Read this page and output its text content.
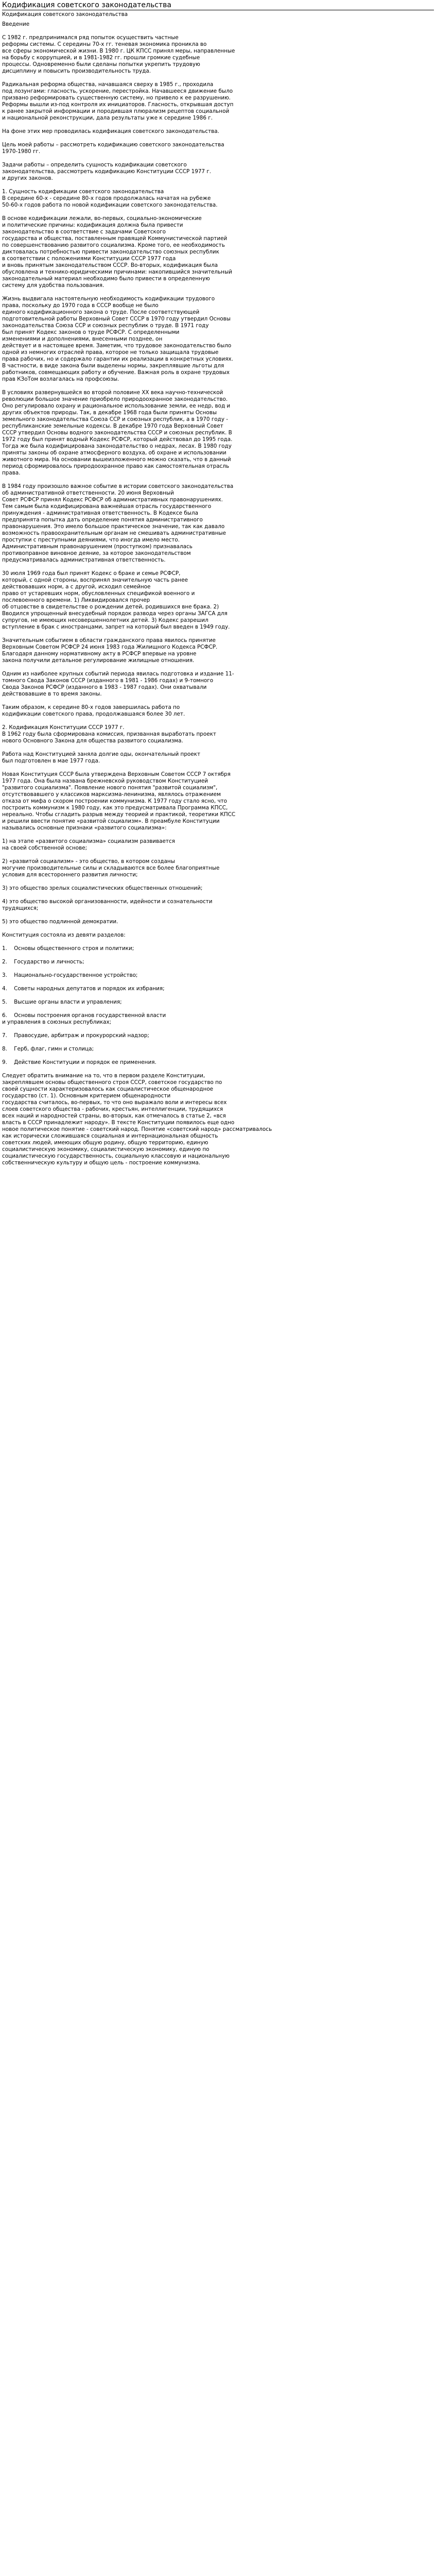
Кодификация советского законодательства
Кодификация советского законодательства

Введение

С 1982 г. предпринимался ряд попыток осуществить частные
реформы системы. С середины 70-х гг. теневая экономика проникла во
все сферы экономической жизни. В 1980 г. ЦК КПСС принял меры, направленные
на борьбу с коррупцией, и в 1981-1982 гг. прошли громкие судебные
процессы. Одновременно были сделаны попытки укрепить трудовую
дисциплину и повысить производительность труда.

Радикальная реформа общества, начавшаяся сверху в 1985 г., проходила
под лозунгами: гласность, ускорение, перестройка. Начавшееся движение было
призвано реформировать существенную систему, но привело к ее разрушению.
Реформы вышли из-под контроля их инициаторов. Гласность, открывшая доступ
к ранее закрытой информации и породившая плюрализм рецептов социальной
и национальной реконструкции, дала результаты уже к середине 1986 г.

На фоне этих мер проводилась кодификация советского законодательства.

Цель моей работы – рассмотреть кодификацию советского законодательства
1970-1980 гг.

Задачи работы – определить сущность кодификации советского
законодательства, рассмотреть кодификацию Конституции СССР 1977 г.
и других законов.

1. Сущность кодификации советского законодательства
В середине 60-х - середине 80-х годов продолжалась начатая на рубеже
50-60-х годов работа по новой кодификации советского законодательства.

В основе кодификации лежали, во-первых, социально-экономические
и политические причины: кодификация должна была привести
законодательство в соответствие с задачами Советского
государства и общества, поставленным правящей Коммунистической партией
по совершенствованию развитого социализма. Кроме того, ее необходимость
диктовалась потребностью привести законодательство союзных республик
в соответствии с положениями Конституции СССР 1977 года
и вновь принятым законодательством СССР. Во-вторых, кодификация была
обусловлена и технико-юридическими причинами: накопившийся значительный
законодательный материал необходимо было привести в определенную
систему для удобства пользования.

Жизнь выдвигала настоятельную необходимость кодификации трудового
права, поскольку до 1970 года в СССР вообще не было
единого кодификационного закона о труде. После соответствующей
подготовительной работы Верховный Совет СССР в 1970 году утвердил Основы
законодательства Союза ССР и союзных республик о труде. В 1971 году
был принят Кодекс законов о труде РСФСР. С определенными
изменениями и дополнениями, внесенными позднее, он
действует и в настоящее время. Заметим, что трудовое законодательство было
одной из немногих отраслей права, которое не только защищала трудовые
права рабочих, но и содержало гарантии их реализации в конкретных условиях.
В частности, в виде закона были выделены нормы, закреплявшие льготы для
работников, совмещающих работу и обучение. Важная роль в охране трудовых
прав КЗоТом возлагалась на профсоюзы.

В условиях развернувшейся во второй половине XX века научно-технической
революции большое значение приобрело природоохранное законодательство.
Оно регулировало охрану и рациональное использование земли, ее недр, вод и
других объектов природы. Так, в декабре 1968 года были приняты Основы
земельного законодательства Союза ССР и союзных республик, а в 1970 году -
республиканские земельные кодексы. В декабре 1970 года Верховный Совет
СССР утвердил Основы водного законодательства СССР и союзных республик. В
1972 году был принят водный Кодекс РСФСР, который действовал до 1995 года.
Тогда же была кодифицирована законодательство о недрах, лесах. В 1980 году
приняты законы об охране атмосферного воздуха, об охране и использовании
животного мира. На основании вышеизложенного можно сказать, что в данный
период сформировалось природоохранное право как самостоятельная отрасль
права.

В 1984 году произошло важное событие в истории советского законодательства
об административной ответственности. 20 июня Верховный
Совет РСФСР принял Кодекс РСФСР об административных правонарушениях.
Тем самым была кодифицирована важнейшая отрасль государственного
принуждения - административная ответственность. В Кодексе была
предпринята попытка дать определение понятия административного
правонарушения. Это имело большое практическое значение, так как давало
возможность правоохранительным органам не смешивать административные
проступки с преступными деяниями, что иногда имело место.
Административным правонарушением (проступком) признавалась
противоправное виновное деяние, за которое законодательством
предусматривалась административная ответственность.

30 июля 1969 года был принят Кодекс о браке и семье РСФСР,
который, с одной стороны, воспринял значительную часть ранее
действовавших норм, а с другой, исходил семейное
право от устаревших норм, обусловленных спецификой военного и
послевоенного времени. 1) Ликвидировался прочер
об отцовстве в свидетельстве о рождении детей, родившихся вне брака. 2)
Вводился упрощенный внесудебный порядок развода через органы ЗАГСА для
супругов, не имеющих несовершеннолетних детей. 3) Кодекс разрешил
вступление в брак с иностранцами, запрет на который был введен в 1949 году.

Значительным событием в области гражданского права явилось принятие
Верховным Советом РСФСР 24 июня 1983 года Жилищного Кодекса РСФСР.
Благодаря данному нормативному акту в РСФСР впервые на уровне
закона получили детальное регулирование жилищные отношения.

Одним из наиболее крупных событий периода явилась подготовка и издание 11-
томного Свода Законов СССР (изданного в 1981 - 1986 годах) и 9-томного
Свода Законов РСФСР (изданного в 1983 - 1987 годах). Они охватывали
действовавшие в то время законы.

Таким образом, к середине 80-х годов завершилась работа по
кодификации советского права, продолжавшаяся более 30 лет.

2. Кодификация Конституции СССР 1977 г.
В 1962 году была сформирована комиссия, призванная выработать проект
нового Основного Закона для общества развитого социализма.

Работа над Конституцией заняла долгие оды, окончательный проект
был подготовлен в мае 1977 года.

Новая Конституция СССР была утверждена Верховным Советом СССР 7 октября
1977 года. Она была названа брежневской руководством Конституцией
"развитого социализма". Появление нового понятия "развитой социализм",
отсутствовавшего у классиков марксизма-ленинизма, являлось отражением
отказа от мифа о скором построении коммунизма. К 1977 году стало ясно, что
построить коммунизм к 1980 году, как это предусматривала Программа КПСС,
нереально. Чтобы сгладить разрыв между теорией и практикой, теоретики КПСС
и решили ввести понятие «развитой социализм». В преамбуле Конституции
назывались основные признаки «развитого социализма»:

1) на этапе «развитого социализма» социализм развивается
на своей собственной основе;

2) «развитой социализм» - это общество, в котором созданы
могучие производительные силы и складываются все более благоприятные
условия для всестороннего развития личности;

3) это общество зрелых социалистических общественных отношений;

4) это общество высокой организованности, идейности и сознательности
трудящихся;

5) это общество подлинной демократии.

Конституция состояла из девяти разделов:

1.    Основы общественного строя и политики;

2.    Государство и личность;

3.    Национально-государственное устройство;

4.    Советы народных депутатов и порядок их избрания;

5.    Высшие органы власти и управления;

6.    Основы построения органов государственной власти
и управления в союзных республиках;

7.    Правосудие, арбитраж и прокурорский надзор;

8.    Герб, флаг, гимн и столица;

9.    Действие Конституции и порядок ее применения.

Следует обратить внимание на то, что в первом разделе Конституции,
закреплявшем основы общественного строя СССР, советское государство по
своей сущности характеризовалось как социалистическое общенародное
государство (ст. 1). Основным критерием общенародности
государства считалось, во-первых, то что оно выражало воли и интересы всех
слоев советского общества - рабочих, крестьян, интеллигенции, трудящихся
всех наций и народностей страны, во-вторых, как отмечалось в статье 2, «вся
власть в СССР принадлежит народу». В тексте Конституции появилось еще одно
новое политическое понятие - советский народ. Понятие «советский народ» рассматривалось
как исторически сложившаяся социальная и интернациональная общность
советских людей, имеющих общую родину, общую территорию, единую
социалистическую экономику, социалистическую экономику, единую по
социалистическую государственность, социальную классовую и национальную
собственническую культуру и общую цель - построение коммунизма.
